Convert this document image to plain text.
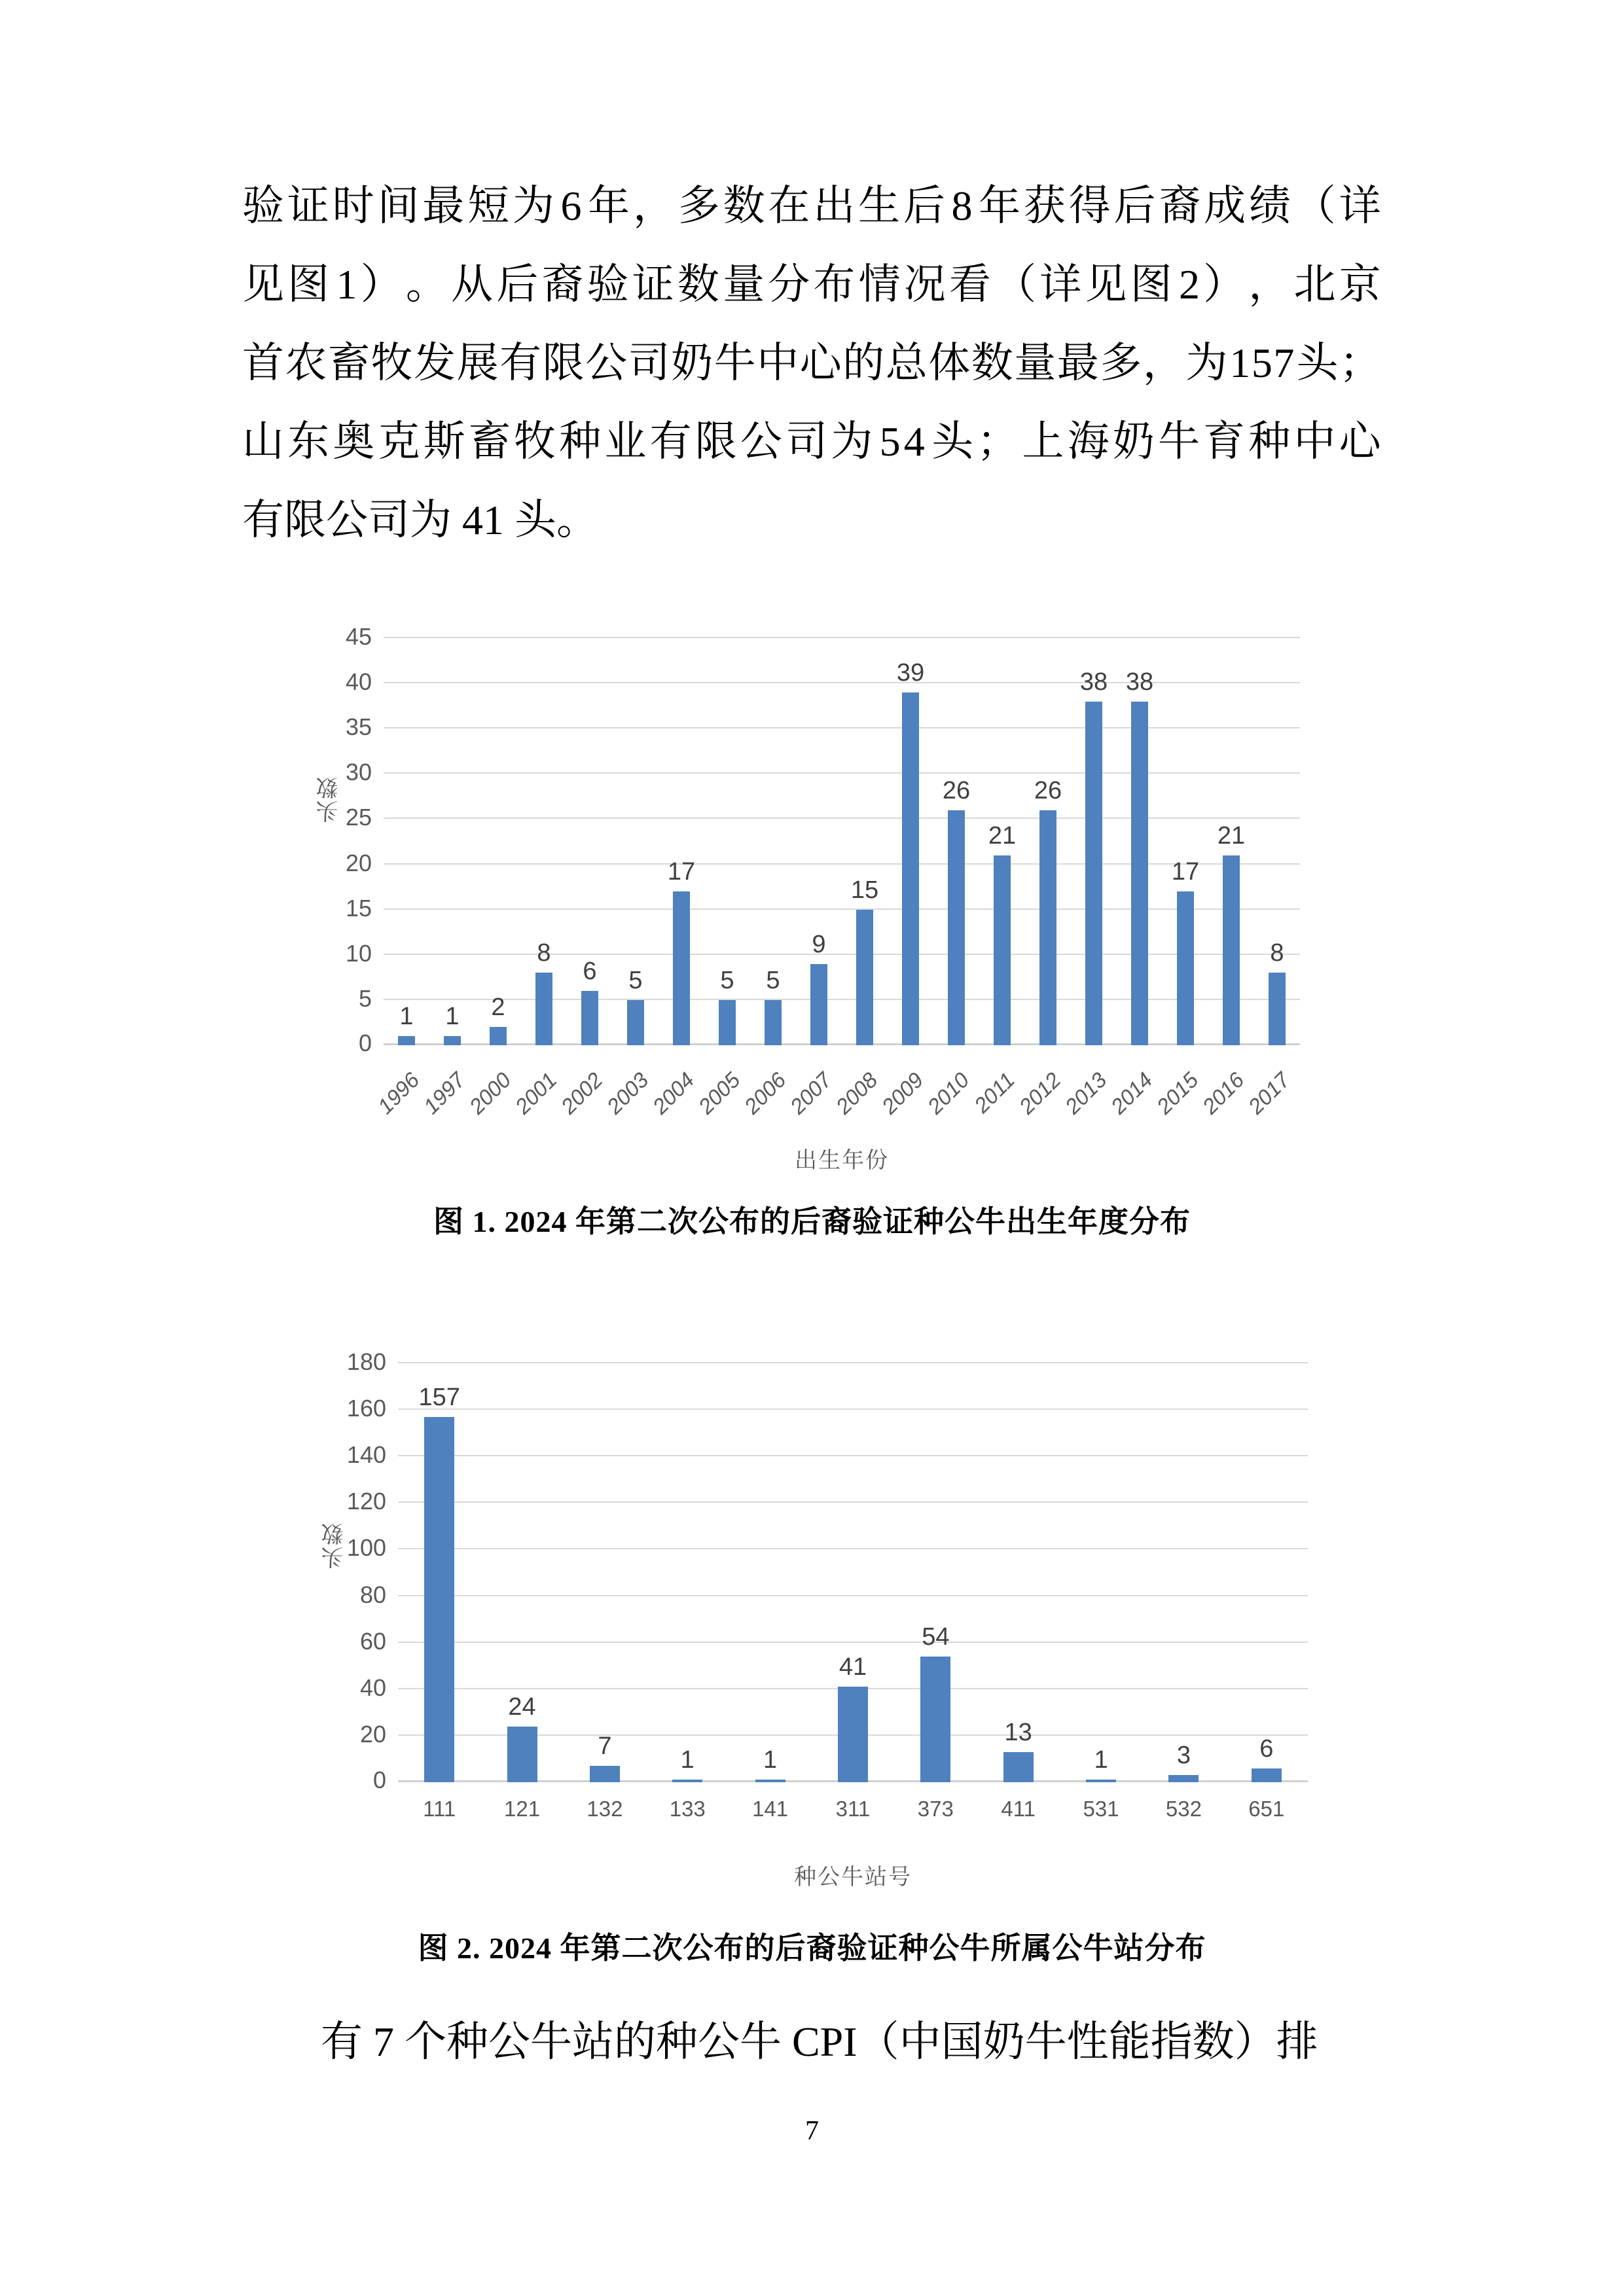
验 证 时 间 最 短 为 6 年 ， 多 数 在 出 生 后 8 年 获 得 后 裔 成 绩 （ 详
见 图 1 ） 。 从 后 裔 验 证 数 量 分 布 情 况 看 （ 详 见 图 2 ） ， 北 京
首 农 畜 牧 发 展 有 限 公 司 奶 牛 中 心 的 总 体 数 量 最 多 ， 为 1 5 7 头 ；
山 东 奥 克 斯 畜 牧 种 业 有 限 公 司 为 5 4 头 ； 上 海 奶 牛 育 种 中 心
有限公司为 41 头。
头数
0
5
10
15
20
25
30
35
40
45
1 1 2
8
6 5
17
5 5
9
15
39
26
21
26
38 38
17
21
8
1996
1997
2000
2001
2002
2003
2004
2005
2006
2007
2008
2009
2010
2011
2012
2013
2014
2015
2016
2017
出生年份
图 1. 2024 年第二次公布的后裔验证种公牛出生年度分布
头数
0
20
40
60
80
100
120
140
160
180
157
24
7
1	1
41
54
13
1	3	6
111 121 132 133 141 311 373 411 531 532 651
种公牛站号
图 2. 2024 年第二次公布的后裔验证种公牛所属公牛站分布
有 7 个种公牛站的种公牛 CPI（中国奶牛性能指数）排
7
